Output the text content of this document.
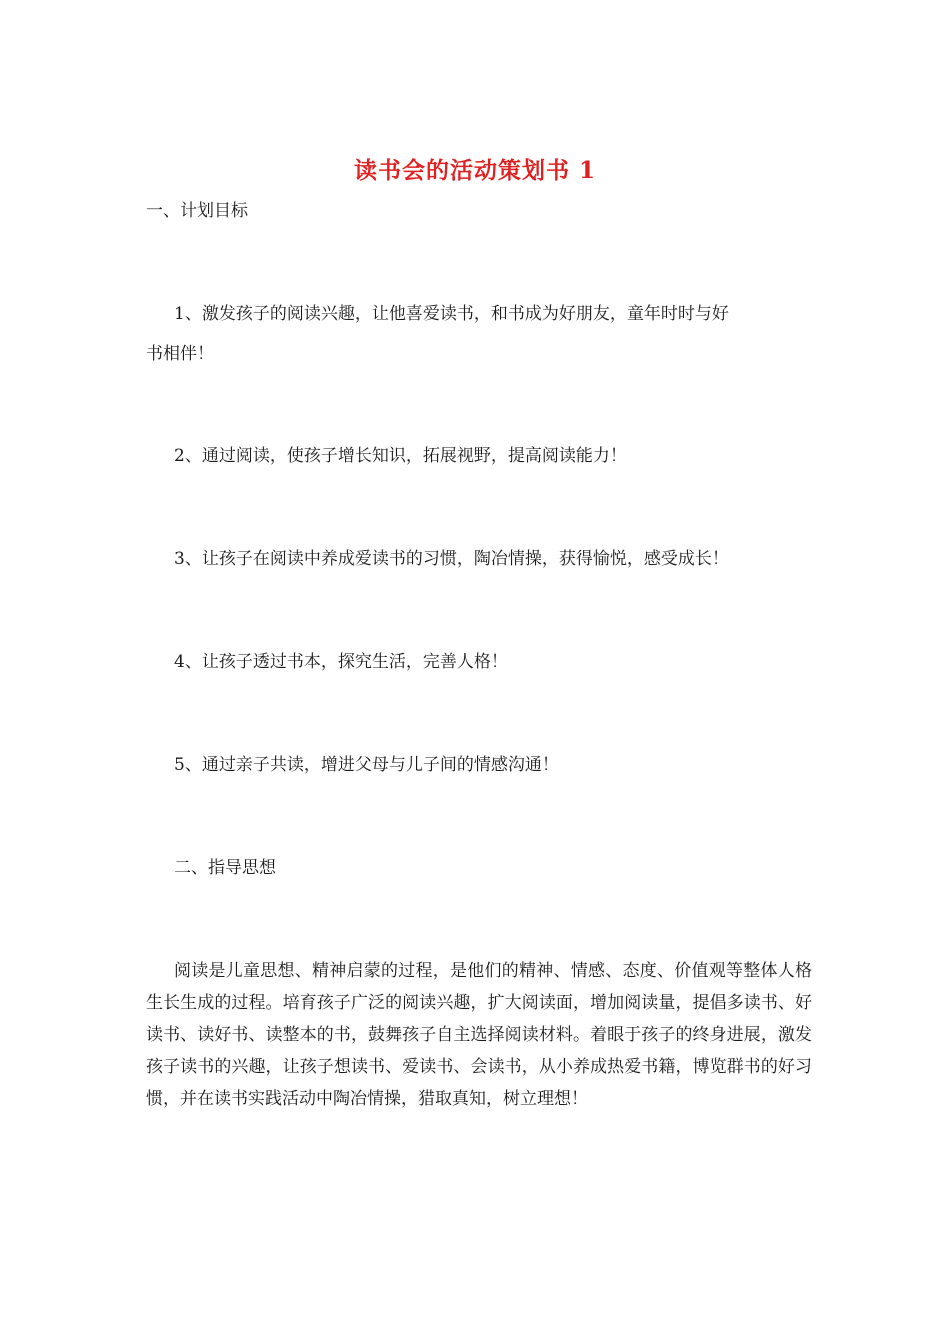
读书会的活动策划书 1

一、计划目标

1、激发孩子的阅读兴趣，让他喜爱读书，和书成为好朋友，童年时时与好

书相伴！

2、通过阅读，使孩子增长知识，拓展视野，提高阅读能力！

3、让孩子在阅读中养成爱读书的习惯，陶冶情操，获得愉悦，感受成长！

4、让孩子透过书本，探究生活，完善人格！

5、通过亲子共读，增进父母与儿子间的情感沟通！

二、指导思想

阅读是儿童思想、精神启蒙的过程，是他们的精神、情感、态度、价值观等整体人格生长生成的过程。培育孩子广泛的阅读兴趣，扩大阅读面，增加阅读量，提倡多读书、好读书、读好书、读整本的书，鼓舞孩子自主选择阅读材料。着眼于孩子的终身进展，激发孩子读书的兴趣，让孩子想读书、爱读书、会读书，从小养成热爱书籍，博览群书的好习惯，并在读书实践活动中陶冶情操，猎取真知，树立理想！
